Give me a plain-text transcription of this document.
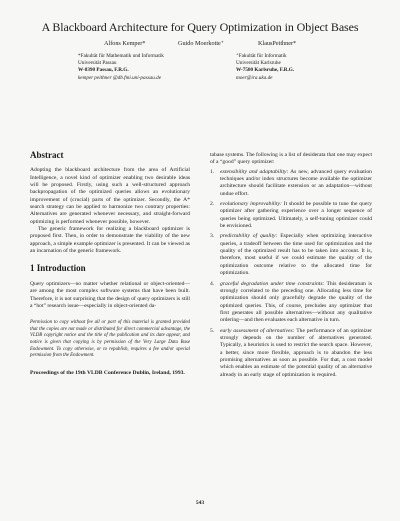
A Blackboard Architecture for Query Optimization in Object Bases
Alfons Kemper*	Guido Moerkotte⁺	KlausPeithner*
*Fakultät für Mathematik und Informatik
Universität Passau
W-8390 Passau, F.R.G.
kemper peithner @db.fmi.uni-passau.de
⁺Fakultät für Informatik
Universität Karlsruhe
W-7500 Karlsruhe, F.R.G.
moer@ira.uka.de
Abstract

Adopting the blackboard architecture from the area of Artificial Intelligence, a novel kind of optimizer enabling two desirable ideas will be proposed. Firstly, using such a well-structured approach backpropagation of the optimized queries allows an evolutionary improvement of (crucial) parts of the optimizer. Secondly, the A* search strategy can be applied to harmonize two contrary properties: Alternatives are generated whenever necessary, and straight-forward optimizing is performed whenever possible, however.

The generic framework for realizing a blackboard optimizer is proposed first. Then, in order to demonstrate the viability of the new approach, a simple example optimizer is presented. It can be viewed as an incarnation of the generic framework.

1 Introduction

Query optimizers—no matter whether relational or object-oriented—are among the most complex software systems that have been built. Therefore, it is not surprising that the design of query optimizers is still a “hot” research issue—especially in object-oriented da-

Permission to copy without fee all or part of this material is granted provided that the copies are not made or distributed for direct commercial advantage, the VLDB copyright notice and the title of the publication and its date appear, and notice is given that copying is by permission of the Very Large Data Base Endowment. To copy otherwise, or to republish, requires a fee and/or special permission from the Endowment.
Proceedings of the 19th VLDB Conference Dublin, Ireland, 1993.

tabase systems. The following is a list of desiderata that one may expect of a “good” query optimizer:

1. extensibility and adaptability: As new, advanced query evaluation techniques and/or index structures become available the optimizer architecture should facilitate extension or an adaptation—without undue effort.
2. evolutionary improvability: It should be possible to tune the query optimizer after gathering experience over a longer sequence of queries being optimized. Ultimately, a self-tuning optimizer could be envisioned.
3. predictability of quality: Especially when optimizing interactive queries, a tradeoff between the time used for optimization and the quality of the optimized result has to be taken into account. It is, therefore, most useful if we could estimate the quality of the optimization outcome relative to the allocated time for optimization.
4. graceful degradation under time constraints: This desideratum is strongly correlated to the preceding one. Allocating less time for optimization should only gracefully degrade the quality of the optimized queries. This, of course, precludes any optimizer that first generates all possible alternatives—without any qualitative ordering—and then evaluates each alternative in turn.
5. early assessment of alternatives: The performance of an optimizer strongly depends on the number of alternatives generated. Typically, a heuristics is used to restrict the search space. However, a better, since more flexible, approach is to abandon the less promising alternatives as soon as possible. For that, a cost model which enables an estimate of the potential quality of an alternative already in an early stage of optimization is required.
543
